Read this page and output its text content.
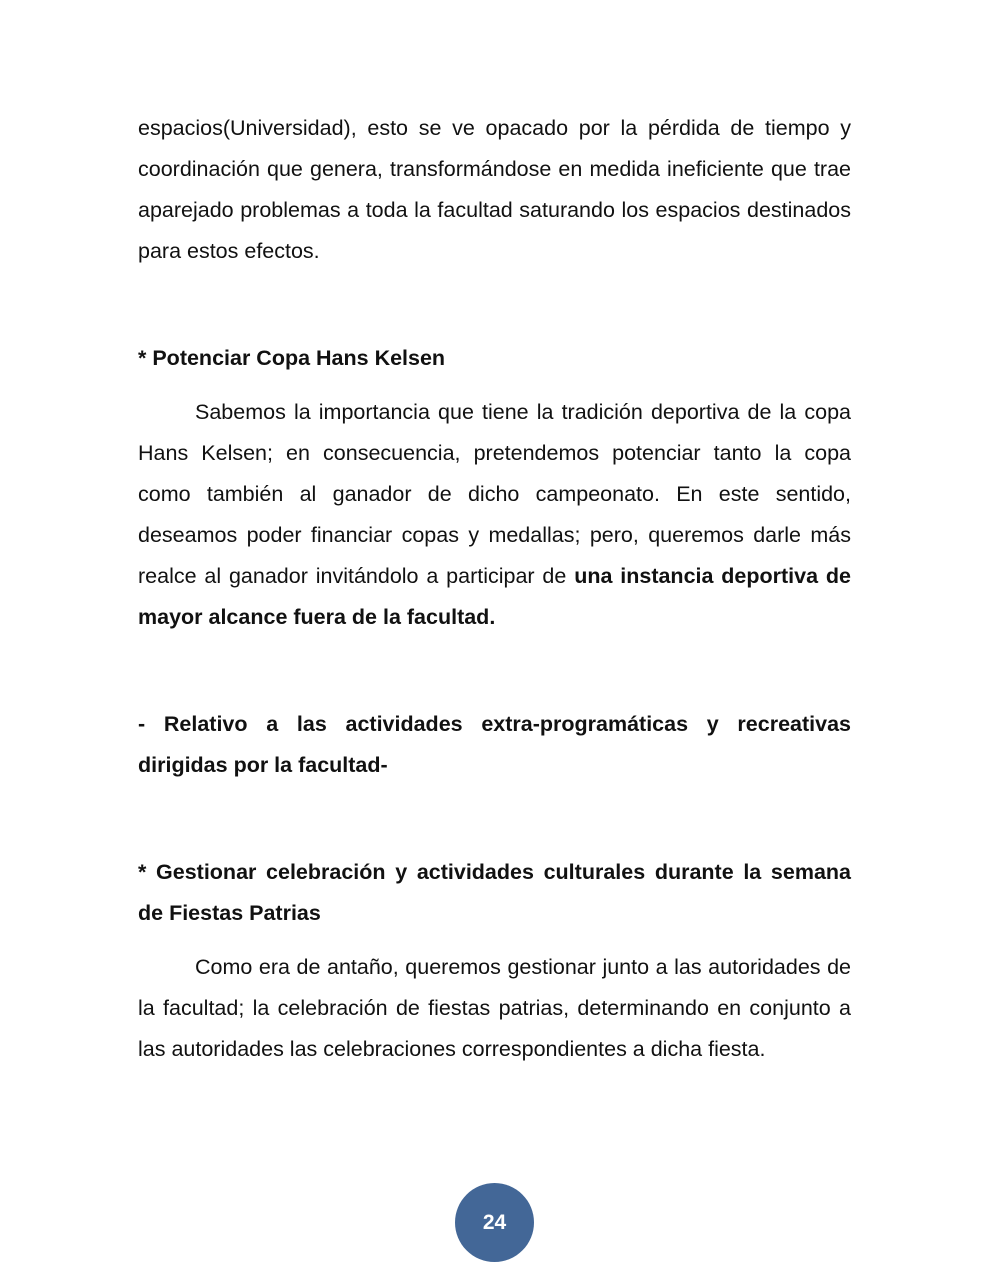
espacios(Universidad), esto se ve opacado por la pérdida de tiempo y coordinación que genera, transformándose en medida ineficiente que trae aparejado problemas a toda la facultad saturando los espacios destinados para estos efectos.

* Potenciar Copa Hans Kelsen

Sabemos la importancia que tiene la tradición deportiva de la copa Hans Kelsen; en consecuencia, pretendemos potenciar tanto la copa como también al ganador de dicho campeonato. En este sentido, deseamos poder financiar copas y medallas; pero, queremos darle más realce al ganador invitándolo a participar de una instancia deportiva de mayor alcance fuera de la facultad.

- Relativo a las actividades extra-programáticas y recreativas dirigidas por la facultad-

* Gestionar celebración y actividades culturales durante la semana de Fiestas Patrias

Como era de antaño, queremos gestionar junto a las autoridades de la facultad; la celebración de fiestas patrias, determinando en conjunto a las autoridades las celebraciones correspondientes a dicha fiesta.

24
